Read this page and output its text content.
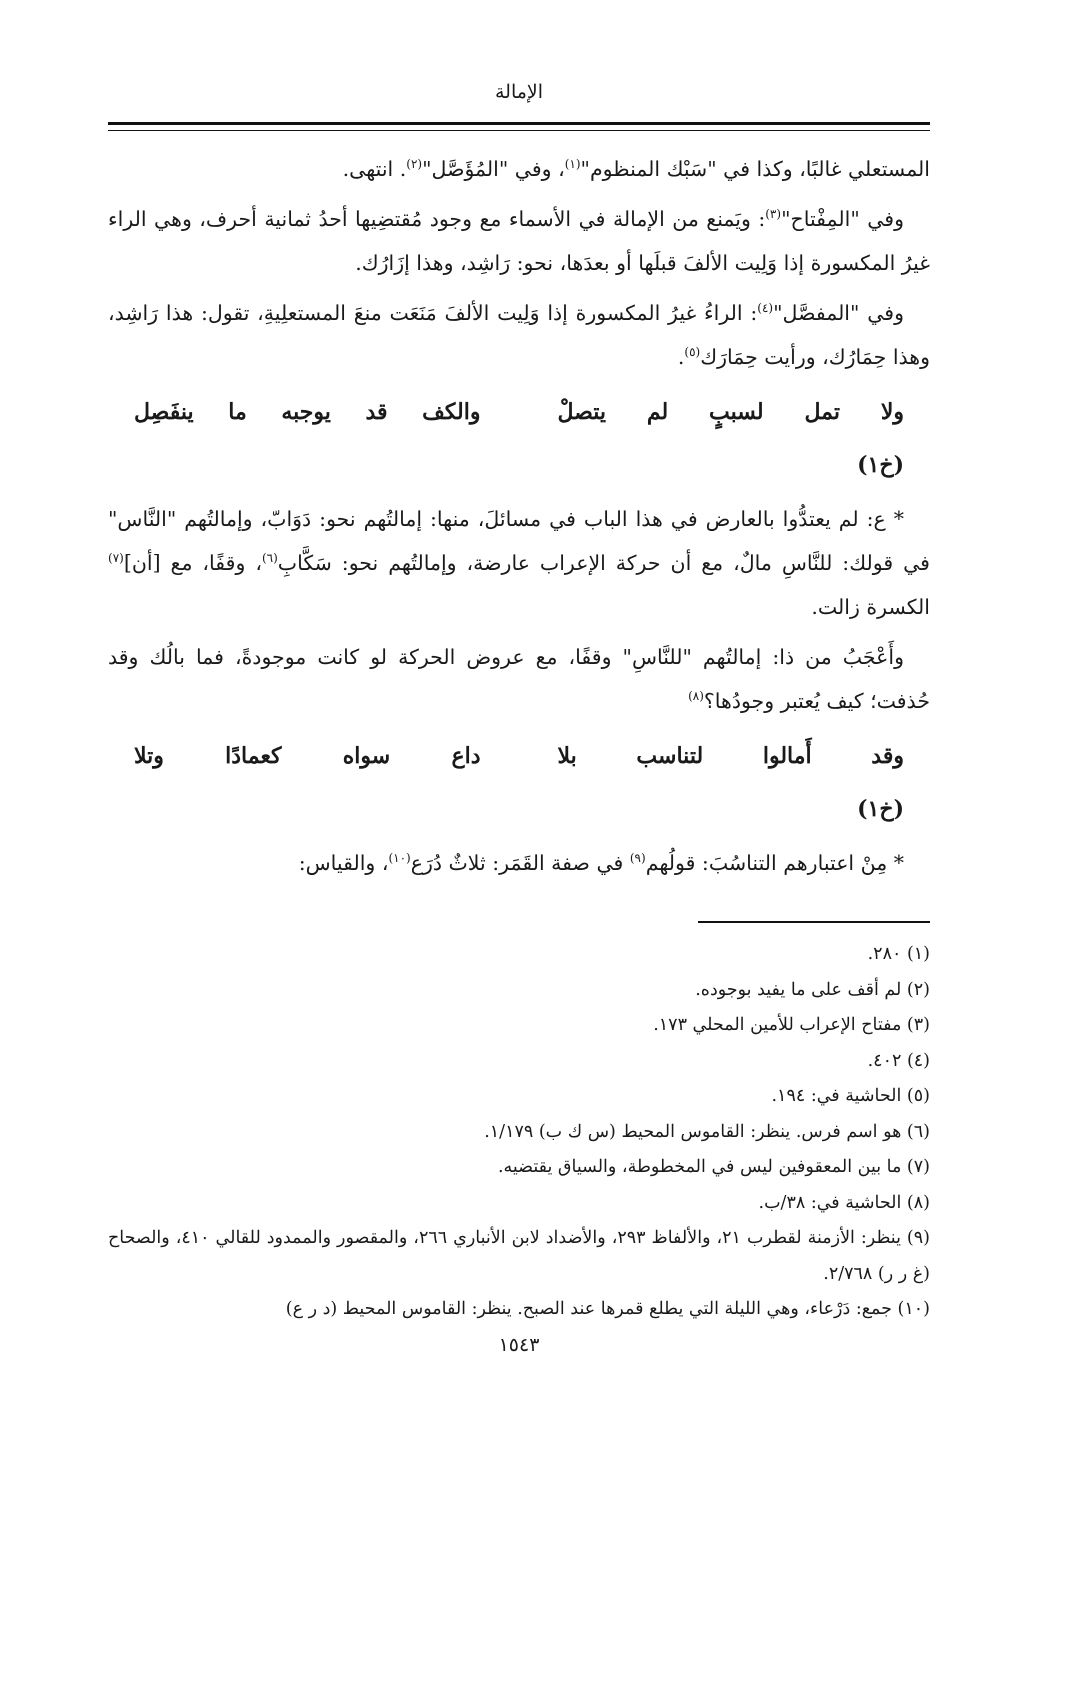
الإمالة

المستعلي غالبًا، وكذا في "سَبْك المنظوم"$^{(١)}$، وفي "المُؤَصَّل"$^{(٢)}$. انتهى.

وفي "المِفْتاح"$^{(٣)}$: ويَمنع من الإمالة في الأسماء مع وجود مُقتضِيها أحدُ ثمانية أحرف، وهي الراء غيرُ المكسورة إذا وَلِيت الألفَ قبلَها أو بعدَها، نحو: رَاشِد، وهذا إزَارُك.

وفي "المفصَّل"$^{(٤)}$: الراءُ غيرُ المكسورة إذا وَلِيت الألفَ مَنَعَت منعَ المستعلِيةِ، تقول: هذا رَاشِد، وهذا حِمَارُك، ورأيت حِمَارَك$^{(٥)}$.

ولا تمل لسببٍ لم يتصلْ
والكف قد يوجبه ما ينفَصِل
(خ١)

* ع: لم يعتدُّوا بالعارض في هذا الباب في مسائلَ، منها: إمالتُهم نحو: دَوَابّ، وإمالتُهم "النَّاس" في قولك: للنَّاسِ مالٌ، مع أن حركة الإعراب عارضة، وإمالتُهم نحو: سَكَّابِ$^{(٦)}$، وقفًا، مع [أن]$^{(٧)}$ الكسرة زالت.

وأَعْجَبُ من ذا: إمالتُهم "للنَّاسِ" وقفًا، مع عروض الحركة لو كانت موجودةً، فما بالُك وقد حُذفت؛ كيف يُعتبر وجودُها؟$^{(٨)}$

وقد أَمالوا لتناسب بلا
داع سواه كعمادًا وتلا
(خ١)

* مِنْ اعتبارهم التناسُبَ: قولُهم$^{(٩)}$ في صفة القَمَر: ثلاثٌ دُرَع$^{(١٠)}$، والقياس:

(١) ٢٨٠.
(٢) لم أقف على ما يفيد بوجوده.
(٣) مفتاح الإعراب للأمين المحلي ١٧٣.
(٤) ٤٠٢.
(٥) الحاشية في: ١٩٤.
(٦) هو اسم فرس. ينظر: القاموس المحيط (س ك ب) ١/١٧٩.
(٧) ما بين المعقوفين ليس في المخطوطة، والسياق يقتضيه.
(٨) الحاشية في: ٣٨/ب.
(٩) ينظر: الأزمنة لقطرب ٢١، والألفاظ ٢٩٣، والأضداد لابن الأنباري ٢٦٦، والمقصور والممدود للقالي ٤١٠، والصحاح (غ ر ر) ٢/٧٦٨.
(١٠) جمع: دَرْعاء، وهي الليلة التي يطلع قمرها عند الصبح. ينظر: القاموس المحيط (د ر ع)
١٥٤٣
